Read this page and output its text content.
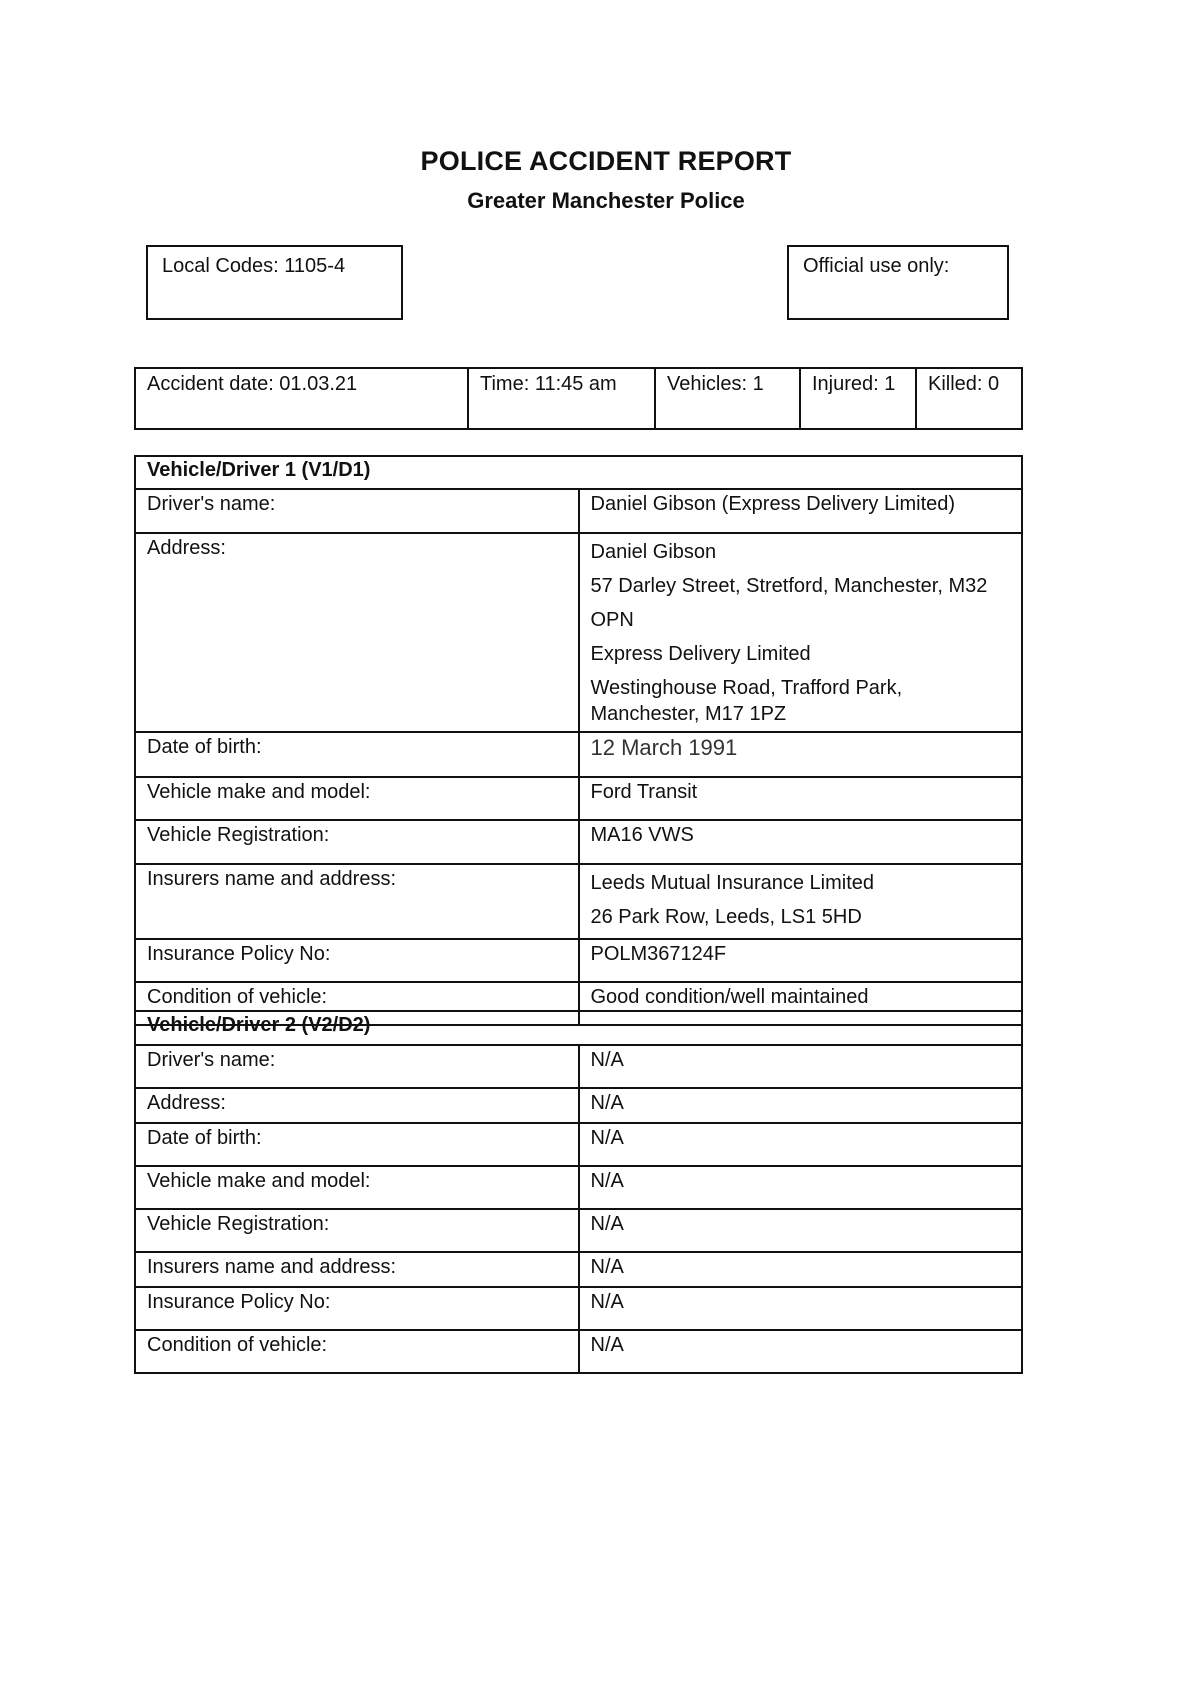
POLICE ACCIDENT REPORT
Greater Manchester Police
Local Codes: 1105-4	Official use only:
Accident date: 01.03.21	Time: 11:45 am	Vehicles: 1	Injured: 1	Killed: 0
Vehicle/Driver 1 (V1/D1)	
Driver's name:	Daniel Gibson (Express Delivery Limited)
Address:	Daniel Gibson
57 Darley Street, Stretford, Manchester, M32 OPN
Express Delivery Limited
Westinghouse Road, Trafford Park, Manchester, M17 1PZ

Date of birth:	12 March 1991
Vehicle make and model:	Ford Transit
Vehicle Registration:	MA16 VWS
Insurers name and address:	Leeds Mutual Insurance Limited
26 Park Row, Leeds, LS1 5HD

Insurance Policy No:	POLM367124F
Condition of vehicle:	Good condition/well maintained
Vehicle/Driver 2 (V2/D2)	
Driver's name:	N/A
Address:	N/A
Date of birth:	N/A
Vehicle make and model:	N/A
Vehicle Registration:	N/A
Insurers name and address:	N/A
Insurance Policy No:	N/A
Condition of vehicle:	N/A
